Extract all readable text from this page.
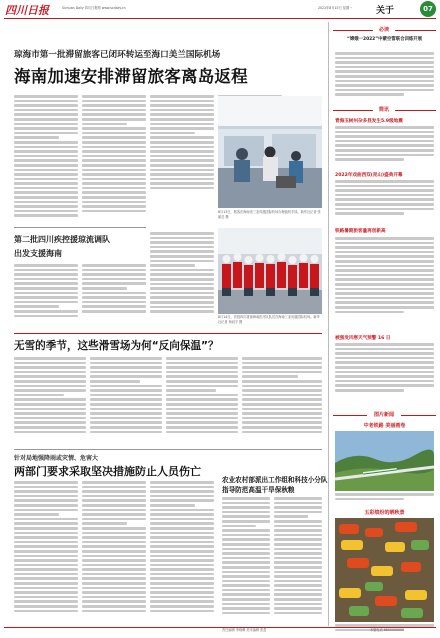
四川日报	Sichuan Daily 四川日报网 www.scdaily.cn	2022年8月15日 星期一	关于	07
琼海市第一批滞留旅客已闭环转运至海口美兰国际机场
海南加速安排滞留旅客离岛返程
8月13日，旅客在海南省三亚凤凰国际机场办理值机手续。新华社记者 张丽芸 摄
第二批四川疾控援琼流调队
出发支援海南
8月14日，首批四川援琼海南医疗队队员在海南三亚凤凰国际机场。新华社记者 杨冠宇 摄
无雪的季节，这些滑雪场为何“反向保温”？
针对局地强降雨或灾情、危害大
两部门要求采取坚决措施防止人员伤亡
农业农村部派出工作组和科技小分队
指导防范高温干旱保秋粮
必读
“嫦娥一2022”中蒙空管联合训练开展
简讯
青海玉树州杂多县发生5.9级地震
2022年戏曲西双(昆山)盛典开幕
铁路暑期旅客量再创新高
被强发风寒天气预警 16 日
图片新闻
中老铁路 美丽画卷
五彩缤纷的晒秋景
责任编辑 李晓琳 美术编辑 张盈	本版电话 8800000000
